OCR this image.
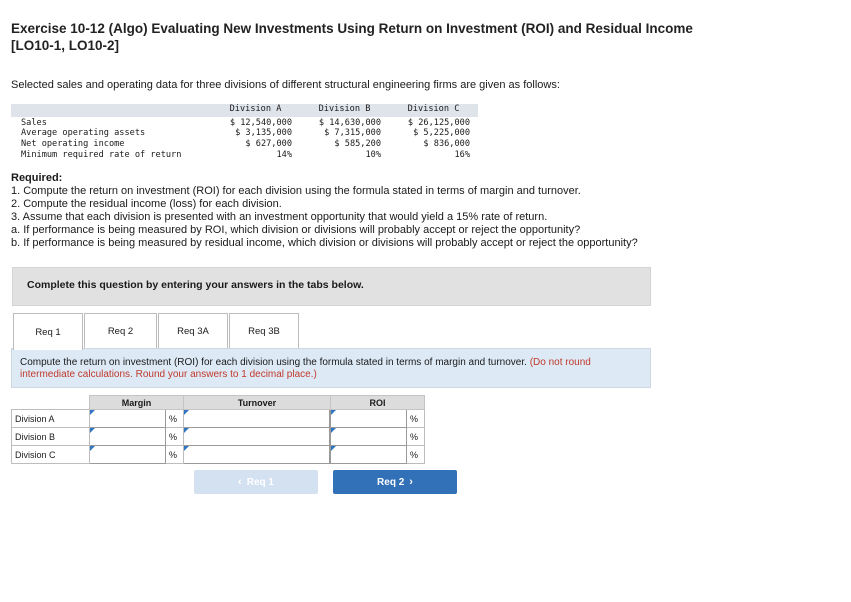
Exercise 10-12 (Algo) Evaluating New Investments Using Return on Investment (ROI) and Residual Income [LO10-1, LO10-2]
Selected sales and operating data for three divisions of different structural engineering firms are given as follows:
Division A	Division B	Division C
Sales	$ 12,540,000	$ 14,630,000	$ 26,125,000
Average operating assets	$ 3,135,000	$ 7,315,000	$ 5,225,000
Net operating income	$ 627,000	$ 585,200	$ 836,000
Minimum required rate of return	14%	10%	16%
Required:
1. Compute the return on investment (ROI) for each division using the formula stated in terms of margin and turnover.
2. Compute the residual income (loss) for each division.
3. Assume that each division is presented with an investment opportunity that would yield a 15% rate of return.
a. If performance is being measured by ROI, which division or divisions will probably accept or reject the opportunity?
b. If performance is being measured by residual income, which division or divisions will probably accept or reject the opportunity?
Complete this question by entering your answers in the tabs below.
Req 1	Req 2	Req 3A	Req 3B
Compute the return on investment (ROI) for each division using the formula stated in terms of margin and turnover. (Do not round intermediate calculations. Round your answers to 1 decimal place.)
	Margin		Turnover	ROI	
Division A		%				%
Division B		%				%
Division C		%				%
‹ Req 1	Req 2 ›
